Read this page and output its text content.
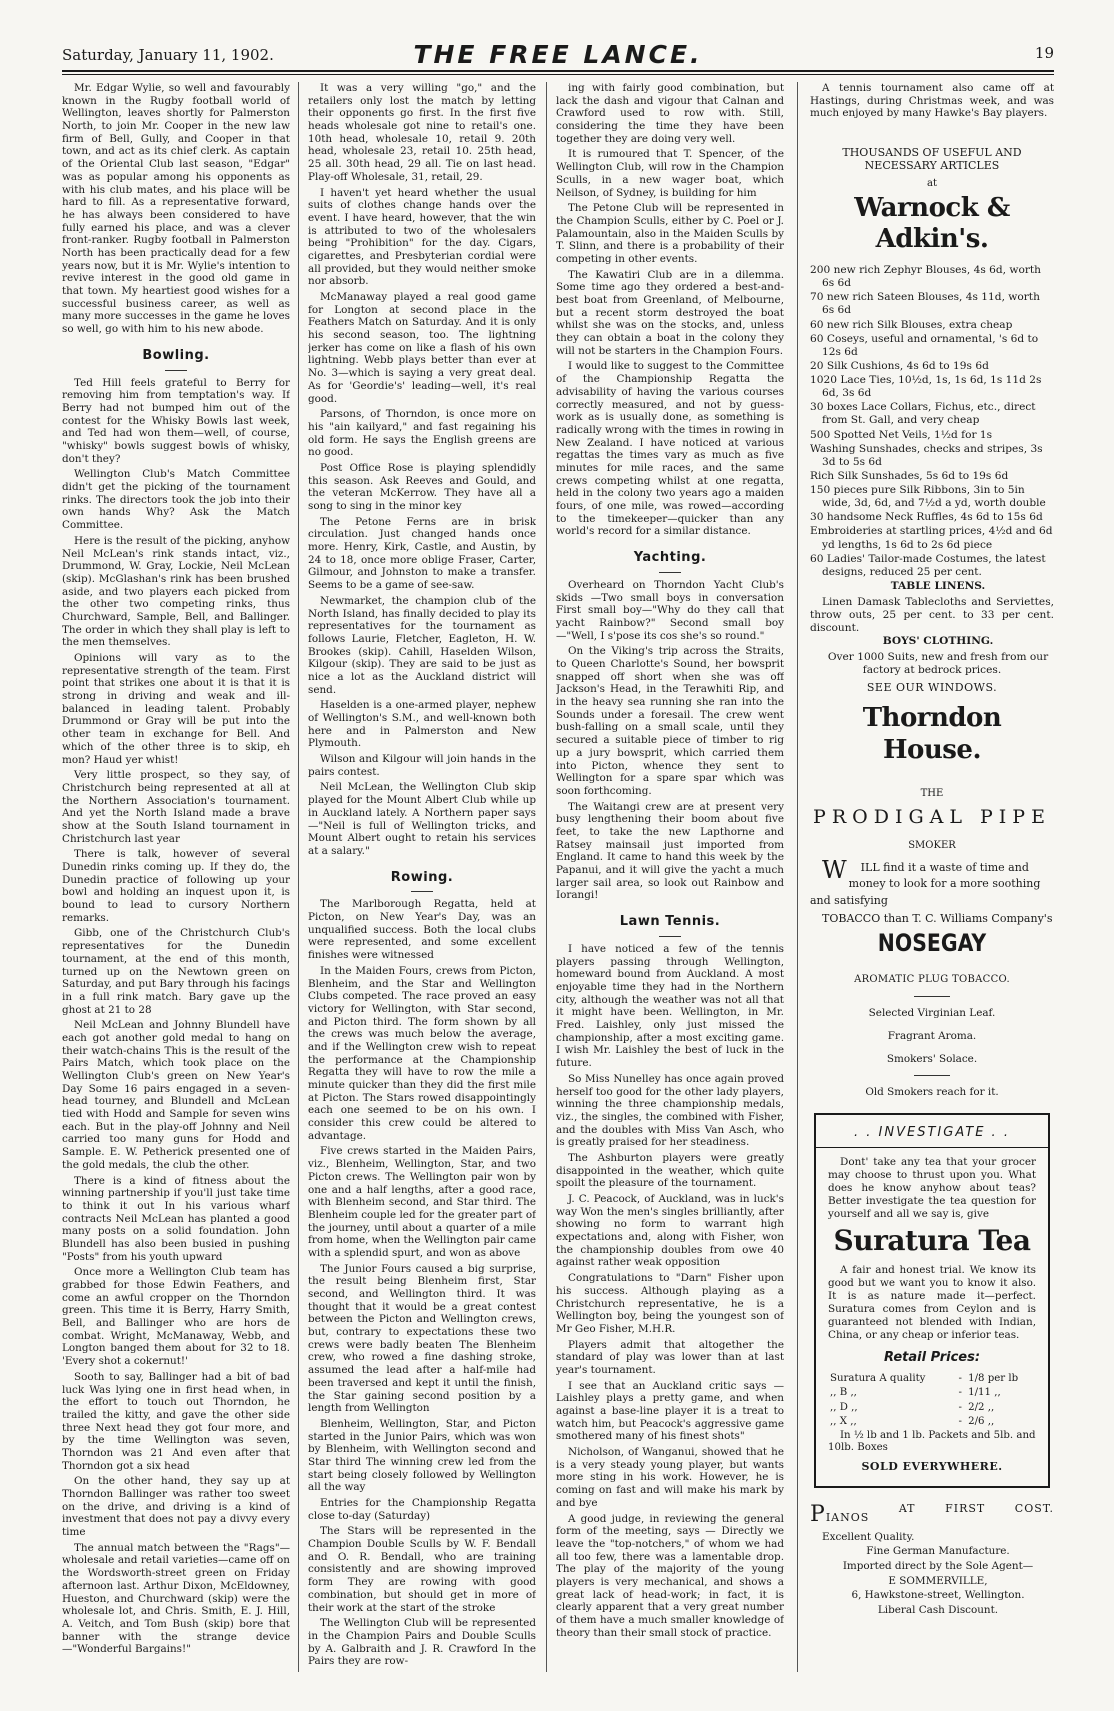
Saturday, January 11, 1902.	THE FREE LANCE.	19

Mr. Edgar Wylie, so well and favourably known in the Rugby football world of Wellington, leaves shortly for Palmerston North, to join Mr. Cooper in the new law firm of Bell, Gully, and Cooper in that town, and act as its chief clerk. As captain of the Oriental Club last season, "Edgar" was as popular among his opponents as with his club mates, and his place will be hard to fill. As a representative forward, he has always been considered to have fully earned his place, and was a clever front-ranker. Rugby football in Palmerston North has been practically dead for a few years now, but it is Mr. Wylie's intention to revive interest in the good old game in that town. My heartiest good wishes for a successful business career, as well as many more successes in the game he loves so well, go with him to his new abode.

Bowling.

Ted Hill feels grateful to Berry for removing him from temptation's way. If Berry had not bumped him out of the contest for the Whisky Bowls last week, and Ted had won them—well, of course, "whisky" bowls suggest bowls of whisky, don't they?

Wellington Club's Match Committee didn't get the picking of the tournament rinks. The directors took the job into their own hands Why? Ask the Match Committee.

Here is the result of the picking, anyhow Neil McLean's rink stands intact, viz., Drummond, W. Gray, Lockie, Neil McLean (skip). McGlashan's rink has been brushed aside, and two players each picked from the other two competing rinks, thus Churchward, Sample, Bell, and Ballinger. The order in which they shall play is left to the men themselves.

Opinions will vary as to the representative strength of the team. First point that strikes one about it is that it is strong in driving and weak and ill-balanced in leading talent. Probably Drummond or Gray will be put into the other team in exchange for Bell. And which of the other three is to skip, eh mon? Haud yer whist!

Very little prospect, so they say, of Christchurch being represented at all at the Northern Association's tournament. And yet the North Island made a brave show at the South Island tournament in Christchurch last year

There is talk, however of several Dunedin rinks coming up. If they do, the Dunedin practice of following up your bowl and holding an inquest upon it, is bound to lead to cursory Northern remarks.

Gibb, one of the Christchurch Club's representatives for the Dunedin tournament, at the end of this month, turned up on the Newtown green on Saturday, and put Bary through his facings in a full rink match. Bary gave up the ghost at 21 to 28

Neil McLean and Johnny Blundell have each got another gold medal to hang on their watch-chains This is the result of the Pairs Match, which took place on the Wellington Club's green on New Year's Day Some 16 pairs engaged in a seven-head tourney, and Blundell and McLean tied with Hodd and Sample for seven wins each. But in the play-off Johnny and Neil carried too many guns for Hodd and Sample. E. W. Petherick presented one of the gold medals, the club the other.

There is a kind of fitness about the winning partnership if you'll just take time to think it out In his various wharf contracts Neil McLean has planted a good many posts on a solid foundation. John Blundell has also been busied in pushing "Posts" from his youth upward

Once more a Wellington Club team has grabbed for those Edwin Feathers, and come an awful cropper on the Thorndon green. This time it is Berry, Harry Smith, Bell, and Ballinger who are hors de combat. Wright, McManaway, Webb, and Longton banged them about for 32 to 18. 'Every shot a cokernut!'

Sooth to say, Ballinger had a bit of bad luck Was lying one in first head when, in the effort to touch out Thorndon, he trailed the kitty, and gave the other side three Next head they got four more, and by the time Wellington was seven, Thorndon was 21 And even after that Thorndon got a six head

On the other hand, they say up at Thorndon Ballinger was rather too sweet on the drive, and driving is a kind of investment that does not pay a divvy every time

The annual match between the "Rags"—wholesale and retail varieties—came off on the Wordsworth-street green on Friday afternoon last. Arthur Dixon, McEldowney, Hueston, and Churchward (skip) were the wholesale lot, and Chris. Smith, E. J. Hill, A. Veitch, and Tom Bush (skip) bore that banner with the strange device—"Wonderful Bargains!"

It was a very willing "go," and the retailers only lost the match by letting their opponents go first. In the first five heads wholesale got nine to retail's one. 10th head, wholesale 10, retail 9. 20th head, wholesale 23, retail 10. 25th head, 25 all. 30th head, 29 all. Tie on last head. Play-off Wholesale, 31, retail, 29.

I haven't yet heard whether the usual suits of clothes change hands over the event. I have heard, however, that the win is attributed to two of the wholesalers being "Prohibition" for the day. Cigars, cigarettes, and Presbyterian cordial were all provided, but they would neither smoke nor absorb.

McManaway played a real good game for Longton at second place in the Feathers Match on Saturday. And it is only his second season, too. The lightning jerker has come on like a flash of his own lightning. Webb plays better than ever at No. 3—which is saying a very great deal. As for 'Geordie's' leading—well, it's real good.

Parsons, of Thorndon, is once more on his "ain kailyard," and fast regaining his old form. He says the English greens are no good.

Post Office Rose is playing splendidly this season. Ask Reeves and Gould, and the veteran McKerrow. They have all a song to sing in the minor key

The Petone Ferns are in brisk circulation. Just changed hands once more. Henry, Kirk, Castle, and Austin, by 24 to 18, once more oblige Fraser, Carter, Gilmour, and Johnston to make a transfer. Seems to be a game of see-saw.

Newmarket, the champion club of the North Island, has finally decided to play its representatives for the tournament as follows Laurie, Fletcher, Eagleton, H. W. Brookes (skip). Cahill, Haselden Wilson, Kilgour (skip). They are said to be just as nice a lot as the Auckland district will send.

Haselden is a one-armed player, nephew of Wellington's S.M., and well-known both here and in Palmerston and New Plymouth.

Wilson and Kilgour will join hands in the pairs contest.

Neil McLean, the Wellington Club skip played for the Mount Albert Club while up in Auckland lately. A Northern paper says —"Neil is full of Wellington tricks, and Mount Albert ought to retain his services at a salary."

Rowing.

The Marlborough Regatta, held at Picton, on New Year's Day, was an unqualified success. Both the local clubs were represented, and some excellent finishes were witnessed

In the Maiden Fours, crews from Picton, Blenheim, and the Star and Wellington Clubs competed. The race proved an easy victory for Wellington, with Star second, and Picton third. The form shown by all the crews was much below the average, and if the Wellington crew wish to repeat the performance at the Championship Regatta they will have to row the mile a minute quicker than they did the first mile at Picton. The Stars rowed disappointingly each one seemed to be on his own. I consider this crew could be altered to advantage.

Five crews started in the Maiden Pairs, viz., Blenheim, Wellington, Star, and two Picton crews. The Wellington pair won by one and a half lengths, after a good race, with Blenheim second, and Star third. The Blenheim couple led for the greater part of the journey, until about a quarter of a mile from home, when the Wellington pair came with a splendid spurt, and won as above

The Junior Fours caused a big surprise, the result being Blenheim first, Star second, and Wellington third. It was thought that it would be a great contest between the Picton and Wellington crews, but, contrary to expectations these two crews were badly beaten The Blenheim crew, who rowed a fine dashing stroke, assumed the lead after a half-mile had been traversed and kept it until the finish, the Star gaining second position by a length from Wellington

Blenheim, Wellington, Star, and Picton started in the Junior Pairs, which was won by Blenheim, with Wellington second and Star third The winning crew led from the start being closely followed by Wellington all the way

Entries for the Championship Regatta close to-day (Saturday)

The Stars will be represented in the Champion Double Sculls by W. F. Bendall and O. R. Bendall, who are training consistently and are showing improved form They are rowing with good combination, but should get in more of their work at the start of the stroke

The Wellington Club will be represented in the Champion Pairs and Double Sculls by A. Galbraith and J. R. Crawford In the Pairs they are row-

ing with fairly good combination, but lack the dash and vigour that Calnan and Crawford used to row with. Still, considering the time they have been together they are doing very well.

It is rumoured that T. Spencer, of the Wellington Club, will row in the Champion Sculls, in a new wager boat, which Neilson, of Sydney, is building for him

The Petone Club will be represented in the Champion Sculls, either by C. Poel or J. Palamountain, also in the Maiden Sculls by T. Slinn, and there is a probability of their competing in other events.

The Kawatiri Club are in a dilemma. Some time ago they ordered a best-and-best boat from Greenland, of Melbourne, but a recent storm destroyed the boat whilst she was on the stocks, and, unless they can obtain a boat in the colony they will not be starters in the Champion Fours.

I would like to suggest to the Committee of the Championship Regatta the advisability of having the various courses correctly measured, and not by guess-work as is usually done, as something is radically wrong with the times in rowing in New Zealand. I have noticed at various regattas the times vary as much as five minutes for mile races, and the same crews competing whilst at one regatta, held in the colony two years ago a maiden fours, of one mile, was rowed—according to the timekeeper—quicker than any world's record for a similar distance.

Yachting.

Overheard on Thorndon Yacht Club's skids —Two small boys in conversation First small boy—"Why do they call that yacht Rainbow?" Second small boy —"Well, I s'pose its cos she's so round."

On the Viking's trip across the Straits, to Queen Charlotte's Sound, her bowsprit snapped off short when she was off Jackson's Head, in the Terawhiti Rip, and in the heavy sea running she ran into the Sounds under a foresail. The crew went bush-falling on a small scale, until they secured a suitable piece of timber to rig up a jury bowsprit, which carried them into Picton, whence they sent to Wellington for a spare spar which was soon forthcoming.

The Waitangi crew are at present very busy lengthening their boom about five feet, to take the new Lapthorne and Ratsey mainsail just imported from England. It came to hand this week by the Papanui, and it will give the yacht a much larger sail area, so look out Rainbow and Iorangi!

Lawn Tennis.

I have noticed a few of the tennis players passing through Wellington, homeward bound from Auckland. A most enjoyable time they had in the Northern city, although the weather was not all that it might have been. Wellington, in Mr. Fred. Laishley, only just missed the championship, after a most exciting game. I wish Mr. Laishley the best of luck in the future.

So Miss Nunelley has once again proved herself too good for the other lady players, winning the three championship medals, viz., the singles, the combined with Fisher, and the doubles with Miss Van Asch, who is greatly praised for her steadiness.

The Ashburton players were greatly disappointed in the weather, which quite spoilt the pleasure of the tournament.

J. C. Peacock, of Auckland, was in luck's way Won the men's singles brilliantly, after showing no form to warrant high expectations and, along with Fisher, won the championship doubles from owe 40 against rather weak opposition

Congratulations to "Darn" Fisher upon his success. Although playing as a Christchurch representative, he is a Wellington boy, being the youngest son of Mr Geo Fisher, M.H.R.

Players admit that altogether the standard of play was lower than at last year's tournament.

I see that an Auckland critic says — Laishley plays a pretty game, and when against a base-line player it is a treat to watch him, but Peacock's aggressive game smothered many of his finest shots"

Nicholson, of Wanganui, showed that he is a very steady young player, but wants more sting in his work. However, he is coming on fast and will make his mark by and bye

A good judge, in reviewing the general form of the meeting, says — Directly we leave the "top-notchers," of whom we had all too few, there was a lamentable drop. The play of the majority of the young players is very mechanical, and shows a great lack of head-work; in fact, it is clearly apparent that a very great number of them have a much smaller knowledge of theory than their small stock of practice.

A tennis tournament also came off at Hastings, during Christmas week, and was much enjoyed by many Hawke's Bay players.

THOUSANDS OF USEFUL AND NECESSARY ARTICLES
at
Warnock & Adkin's.
200 new rich Zephyr Blouses, 4s 6d, worth 6s 6d
70 new rich Sateen Blouses, 4s 11d, worth 6s 6d
60 new rich Silk Blouses, extra cheap
60 Coseys, useful and ornamental, 's 6d to 12s 6d
20 Silk Cushions, 4s 6d to 19s 6d
1020 Lace Ties, 10½d, 1s, 1s 6d, 1s 11d 2s 6d, 3s 6d
30 boxes Lace Collars, Fichus, etc., direct from St. Gall, and very cheap
500 Spotted Net Veils, 1½d for 1s
Washing Sunshades, checks and stripes, 3s 3d to 5s 6d
Rich Silk Sunshades, 5s 6d to 19s 6d
150 pieces pure Silk Ribbons, 3in to 5in wide, 3d, 6d, and 7½d a yd, worth double
30 handsome Neck Ruffles, 4s 6d to 15s 6d
Embroideries at startling prices, 4½d and 6d yd lengths, 1s 6d to 2s 6d piece
60 Ladies' Tailor-made Costumes, the latest designs, reduced 25 per cent.

TABLE LINENS.

Linen Damask Tablecloths and Serviettes, throw outs, 25 per cent. to 33 per cent. discount.

BOYS' CLOTHING.

Over 1000 Suits, new and fresh from our factory at bedrock prices.

SEE OUR WINDOWS.
Thorndon House.
THE
PRODIGAL PIPE
SMOKER

W ILL find it a waste of time and money to look for a more soothing and satisfying

TOBACCO than T. C. Williams Company's

NOSEGAY
AROMATIC PLUG TOBACCO.
Selected Virginian Leaf.
Fragrant Aroma.
Smokers' Solace.
Old Smokers reach for it.
. . INVESTIGATE . .

Dont' take any tea that your grocer may choose to thrust upon you. What does he know anyhow about teas? Better investigate the tea question for yourself and all we say is, give

Suratura Tea

A fair and honest trial. We know its good but we want you to know it also. It is as nature made it—perfect. Suratura comes from Ceylon and is guaranteed not blended with Indian, China, or any cheap or inferior teas.

Retail Prices:
Suratura A quality	-	1/8 per lb
,, B ,,	-	1/11 ,,
,, D ,,	-	2/2 ,,
,, X ,,	-	2/6 ,,

In ½ lb and 1 lb. Packets and 5lb. and 10lb. Boxes

SOLD EVERYWHERE.
PIANOS
AT	FIRST	COST.

Excellent Quality.

Fine German Manufacture.

Imported direct by the Sole Agent—

E SOMMERVILLE,

6, Hawkstone-street, Wellington.

Liberal Cash Discount.
